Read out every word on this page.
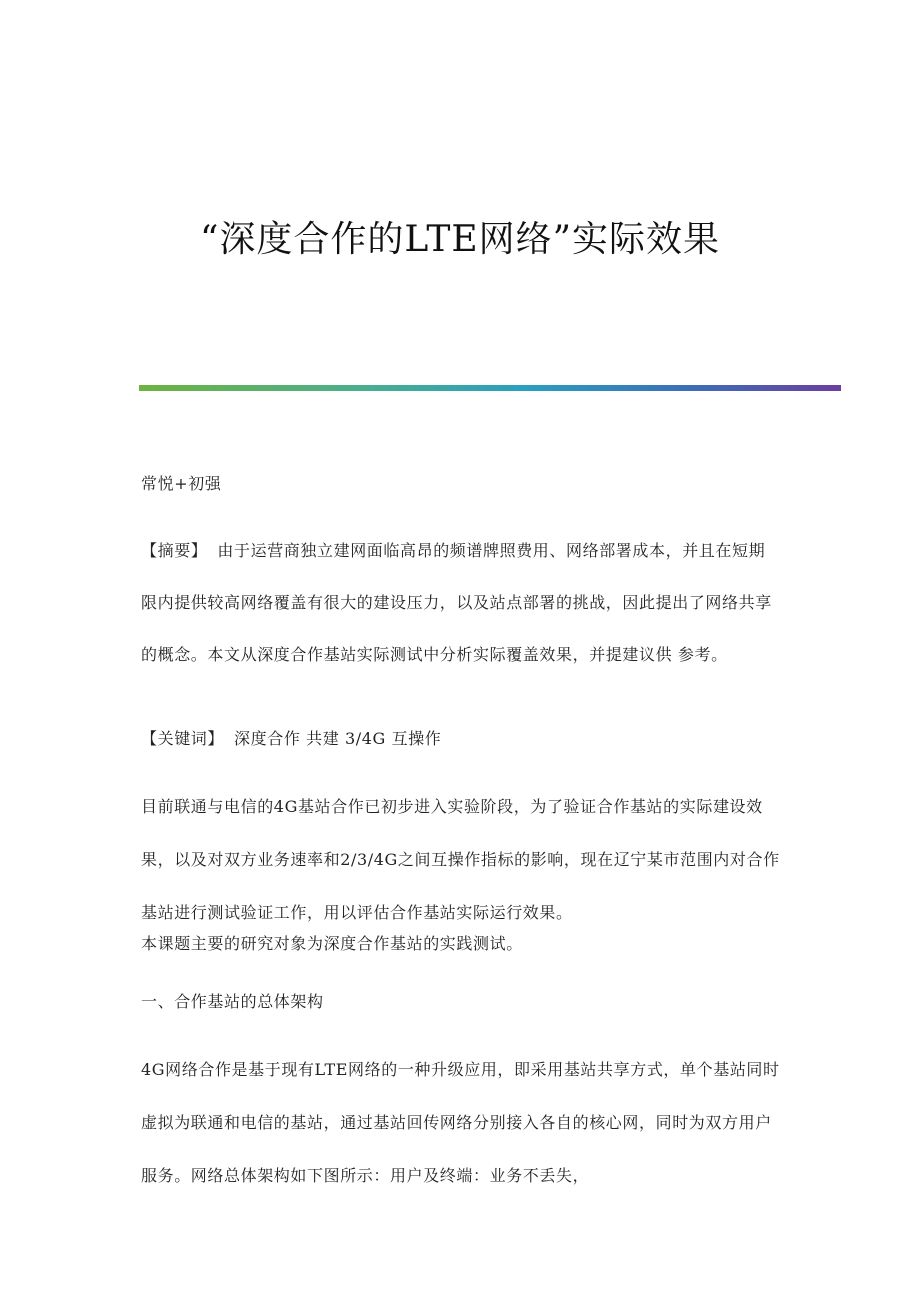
“深度合作的LTE网络”实际效果
常悦+初强
【摘要】 由于运营商独立建网面临高昂的频谱牌照费用、网络部署成本，并且在短期限内提供较高网络覆盖有很大的建设压力，以及站点部署的挑战，因此提出了网络共享的概念。本文从深度合作基站实际测试中分析实际覆盖效果，并提建议供 参考。
【关键词】 深度合作 共建 3/4G 互操作
目前联通与电信的4G基站合作已初步进入实验阶段，为了验证合作基站的实际建设效果，以及对双方业务速率和2/3/4G之间互操作指标的影响，现在辽宁某市范围内对合作基站进行测试验证工作，用以评估合作基站实际运行效果。
本课题主要的研究对象为深度合作基站的实践测试。
一、合作基站的总体架构
4G网络合作是基于现有LTE网络的一种升级应用，即采用基站共享方式，单个基站同时虚拟为联通和电信的基站，通过基站回传网络分别接入各自的核心网，同时为双方用户服务。网络总体架构如下图所示：用户及终端：业务不丢失，
